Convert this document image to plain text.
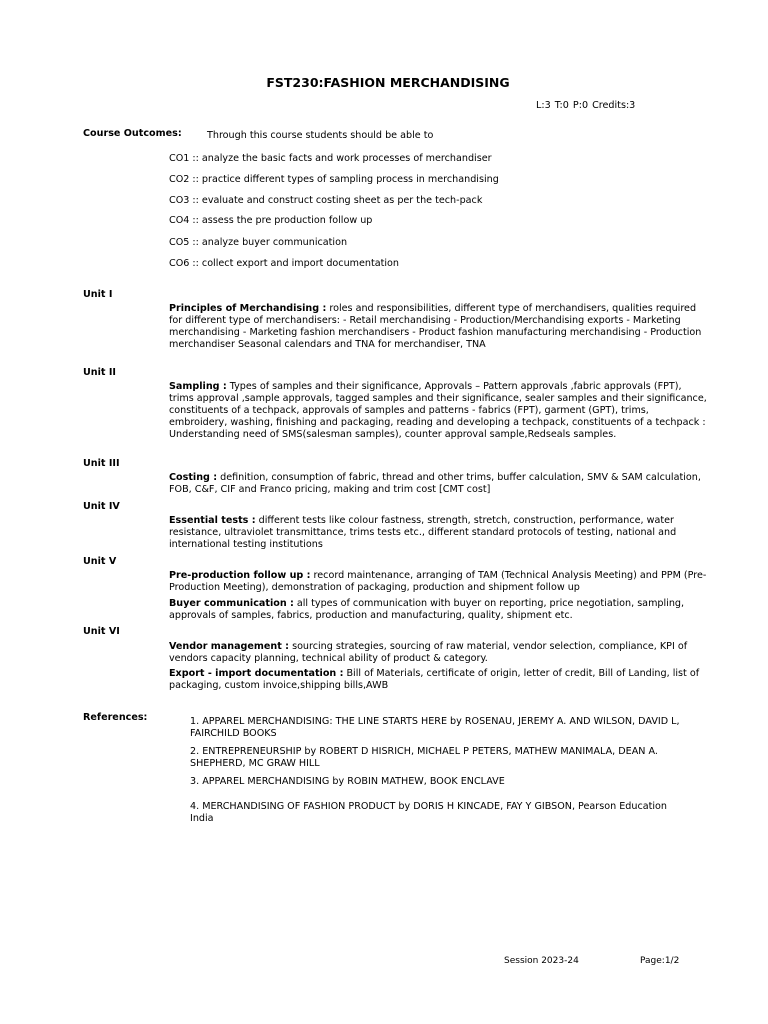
FST230:FASHION MERCHANDISING
L:3 T:0 P:0 Credits:3
Course Outcomes:	Through this course students should be able to
CO1 :: analyze the basic facts and work processes of merchandiser
CO2 :: practice different types of sampling process in merchandising
CO3 :: evaluate and construct costing sheet as per the tech-pack
CO4 :: assess the pre production follow up
CO5 :: analyze buyer communication
CO6 :: collect export and import documentation
Unit I
Principles of Merchandising : roles and responsibilities, different type of merchandisers, qualities required for different type of merchandisers: - Retail merchandising - Production/Merchandising exports - Marketing merchandising - Marketing fashion merchandisers - Product fashion manufacturing merchandising - Production merchandiser Seasonal calendars and TNA for merchandiser, TNA
Unit II
Sampling : Types of samples and their significance, Approvals – Pattern approvals ,fabric approvals (FPT), trims approval ,sample approvals, tagged samples and their significance, sealer samples and their significance, constituents of a techpack, approvals of samples and patterns - fabrics (FPT), garment (GPT), trims, embroidery, washing, finishing and packaging, reading and developing a techpack, constituents of a techpack : Understanding need of SMS(salesman samples), counter approval sample,Redseals samples.
Unit III
Costing : definition, consumption of fabric, thread and other trims, buffer calculation, SMV & SAM calculation, FOB, C&F, CIF and Franco pricing, making and trim cost [CMT cost]
Unit IV
Essential tests : different tests like colour fastness, strength, stretch, construction, performance, water resistance, ultraviolet transmittance, trims tests etc., different standard protocols of testing, national and international testing institutions
Unit V
Pre-production follow up : record maintenance, arranging of TAM (Technical Analysis Meeting) and PPM (Pre-Production Meeting), demonstration of packaging, production and shipment follow up
Buyer communication : all types of communication with buyer on reporting, price negotiation, sampling, approvals of samples, fabrics, production and manufacturing, quality, shipment etc.
Unit VI
Vendor management : sourcing strategies, sourcing of raw material, vendor selection, compliance, KPI of vendors capacity planning, technical ability of product & category.
Export - import documentation : Bill of Materials, certificate of origin, letter of credit, Bill of Landing, list of packaging, custom invoice,shipping bills,AWB
References:	1. APPAREL MERCHANDISING: THE LINE STARTS HERE by ROSENAU, JEREMY A. AND WILSON, DAVID L, FAIRCHILD BOOKS
2. ENTREPRENEURSHIP by ROBERT D HISRICH, MICHAEL P PETERS, MATHEW MANIMALA, DEAN A. SHEPHERD, MC GRAW HILL
3. APPAREL MERCHANDISING by ROBIN MATHEW, BOOK ENCLAVE
4. MERCHANDISING OF FASHION PRODUCT by DORIS H KINCADE, FAY Y GIBSON, Pearson Education India
Session 2023-24	Page:1/2
